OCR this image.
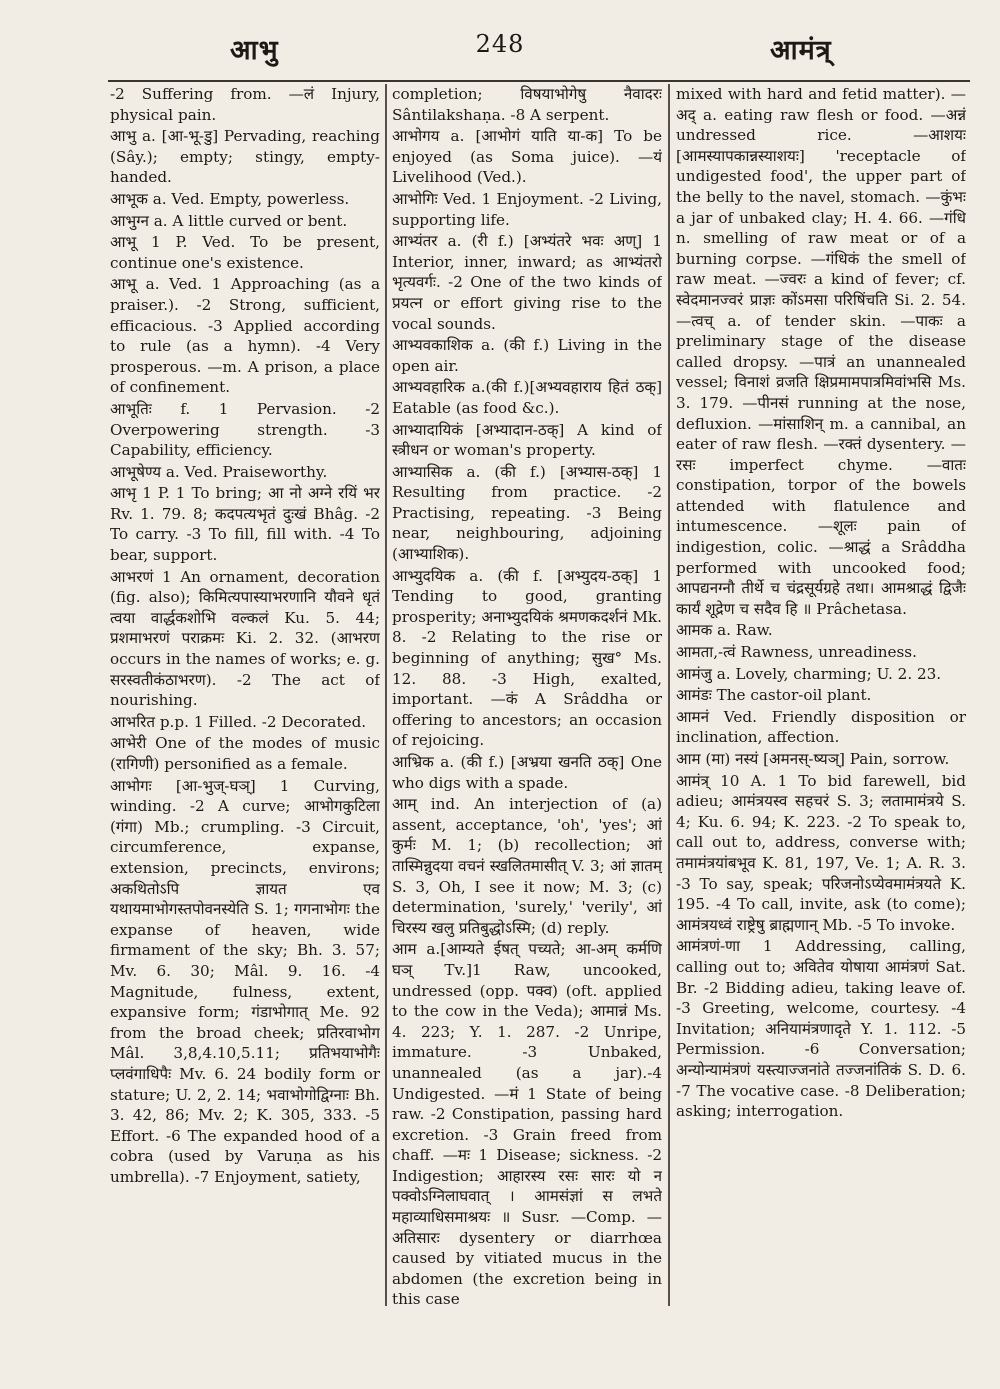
आभु	248	आमंत्र्

-2 Suffering from. —लं Injury, physical pain.

आभु a. [आ-भू-डु] Pervading, reaching (Sây.); empty; stingy, empty-handed.

आभूक a. Ved. Empty, powerless.

आभुग्न a. A little curved or bent.

आभू 1 P. Ved. To be present, continue one's existence.

आभू a. Ved. 1 Approaching (as a praiser.). -2 Strong, sufficient, efficacious. -3 Applied according to rule (as a hymn). -4 Very prosperous. —m. A prison, a place of confinement.

आभूतिः f. 1 Pervasion. -2 Overpowering strength. -3 Capability, efficiency.

आभूषेण्य a. Ved. Praiseworthy.

आभृ 1 P. 1 To bring; आ नो अग्ने रयिं भर Rv. 1. 79. 8; कदपत्यभृतं दुःखं Bhâg. -2 To carry. -3 To fill, fill with. -4 To bear, support.

आभरणं 1 An ornament, decoration (fig. also); किमित्यपास्याभरणानि यौवने धृतं त्वया वार्द्धकशोभि वल्कलं Ku. 5. 44; प्रशमाभरणं पराक्रमः Ki. 2. 32. (आभरण occurs in the names of works; e. g. सरस्वतीकंठाभरण). -2 The act of nourishing.

आभरित p.p. 1 Filled. -2 Decorated.

आभेरी One of the modes of music (रागिणी) personified as a female.

आभोगः [आ-भुज्-घञ्] 1 Curving, winding. -2 A curve; आभोगकुटिला (गंगा) Mb.; crumpling. -3 Circuit, circumference, expanse, extension, precincts, environs; अकथितोऽपि ज्ञायत एव यथायमाभोगस्तपोवनस्येति S. 1; गगनाभोगः the expanse of heaven, wide firmament of the sky; Bh. 3. 57; Mv. 6. 30; Mâl. 9. 16. -4 Magnitude, fulness, extent, expansive form; गंडाभोगात् Me. 92 from the broad cheek; प्रतिरवाभोग Mâl. 3,8,4.10,5.11; प्रतिभयाभोगैः प्लवंगाधिपैः Mv. 6. 24 bodily form or stature; U. 2, 2. 14; भवाभोगोद्विग्नाः Bh. 3. 42, 86; Mv. 2; K. 305, 333. -5 Effort. -6 The expanded hood of a cobra (used by Varuṇa as his umbrella). -7 Enjoyment, satiety,

completion; विषयाभोगेषु नैवादरः Sântilakshaṇa. -8 A serpent.

आभोगय a. [आभोगं याति या-क] To be enjoyed (as Soma juice). —यं Livelihood (Ved.).

आभोगिः Ved. 1 Enjoyment. -2 Living, supporting life.

आभ्यंतर a. (री f.) [अभ्यंतरे भवः अण्] 1 Interior, inner, inward; as आभ्यंतरो भृत्यवर्गः. -2 One of the two kinds of प्रयत्न or effort giving rise to the vocal sounds.

आभ्यवकाशिक a. (की f.) Living in the open air.

आभ्यवहारिक a.(की f.)[अभ्यवहाराय हितं ठक्] Eatable (as food &c.).

आभ्यादायिकं [अभ्यादान-ठक्] A kind of स्त्रीधन or woman's property.

आभ्यासिक a. (की f.) [अभ्यास-ठक्] 1 Resulting from practice. -2 Practising, repeating. -3 Being near, neighbouring, adjoining (आभ्याशिक).

आभ्युदयिक a. (की f. [अभ्युदय-ठक्] 1 Tending to good, granting prosperity; अनाभ्युदयिकं श्रमणकदर्शनं Mk. 8. -2 Relating to the rise or beginning of anything; सुख° Ms. 12. 88. -3 High, exalted, important. —कं A Srâddha or offering to ancestors; an occasion of rejoicing.

आभ्रिक a. (की f.) [अभ्रया खनति ठक्] One who digs with a spade.

आम् ind. An interjection of (a) assent, acceptance, 'oh', 'yes'; आं कुर्मः M. 1; (b) recollection; आं तास्मिन्नुदया वचनं स्खलितमासीत् V. 3; आं ज्ञातम् S. 3, Oh, I see it now; M. 3; (c) determination, 'surely,' 'verily', आं चिरस्य खलु प्रतिबुद्धोऽस्मि; (d) reply.

आम a.[आम्यते ईषत् पच्यते; आ-अम् कर्मणि घञ् Tv.]1 Raw, uncooked, undressed (opp. पक्व) (oft. applied to the cow in the Veda); आमान्नं Ms. 4. 223; Y. 1. 287. -2 Unripe, immature. -3 Unbaked, unannealed (as a jar).-4 Undigested. —मं 1 State of being raw. -2 Constipation, passing hard excretion. -3 Grain freed from chaff. —मः 1 Disease; sickness. -2 Indigestion; आहारस्य रसः सारः यो न पक्वोऽग्निलाघवात् । आमसंज्ञां स लभते महाव्याधिसमाश्रयः ॥ Susr. —Comp. —अतिसारः dysentery or diarrhœa caused by vitiated mucus in the abdomen (the excretion being in this case

mixed with hard and fetid matter). —अद् a. eating raw flesh or food. —अन्नं undressed rice. —आशयः [आमस्यापकान्नस्याशयः] 'receptacle of undigested food', the upper part of the belly to the navel, stomach. —कुंभः a jar of unbaked clay; H. 4. 66. —गंधि n. smelling of raw meat or of a burning corpse. —गंधिकं the smell of raw meat. —ज्वरः a kind of fever; cf. स्वेदमानज्वरं प्राज्ञः कोंऽमसा परिषिंचति Si. 2. 54. —त्वच् a. of tender skin. —पाकः a preliminary stage of the disease called dropsy. —पात्रं an unannealed vessel; विनाशं व्रजति क्षिप्रमामपात्रमिवांभसि Ms. 3. 179. —पीनसं running at the nose, defluxion. —मांसाशिन् m. a cannibal, an eater of raw flesh. —रक्तं dysentery. —रसः imperfect chyme. —वातः constipation, torpor of the bowels attended with flatulence and intumescence. —शूलः pain of indigestion, colic. —श्राद्धं a Srâddha performed with uncooked food; आपद्यनग्नौ तीर्थे च चंद्रसूर्यग्रहे तथा। आमश्राद्धं द्विजैः कार्यं शूद्रेण च सदैव हि ॥ Prâchetasa.

आमक a. Raw.

आमता,-त्वं Rawness, unreadiness.

आमंजु a. Lovely, charming; U. 2. 23.

आमंडः The castor-oil plant.

आमनं Ved. Friendly disposition or inclination, affection.

आम (मा) नस्यं [अमनस्-ष्यञ्] Pain, sorrow.

आमंत्र् 10 A. 1 To bid farewell, bid adieu; आमंत्रयस्व सहचरं S. 3; लतामामंत्रये S. 4; Ku. 6. 94; K. 223. -2 To speak to, call out to, address, converse with; तमामंत्रयांबभूव K. 81, 197, Ve. 1; A. R. 3. -3 To say, speak; परिजनोऽप्येवमामंत्रयते K. 195. -4 To call, invite, ask (to come); आमंत्रयध्वं राष्ट्रेषु ब्राह्मणान् Mb. -5 To invoke.

आमंत्रणं-णा 1 Addressing, calling, calling out to; अवितेव योषाया आमंत्रणं Sat. Br. -2 Bidding adieu, taking leave of. -3 Greeting, welcome, courtesy. -4 Invitation; अनियामंत्रणादृते Y. 1. 112. -5 Permission. -6 Conversation; अन्योन्यामंत्रणं यस्त्याज्जनांते तज्जनांतिकं S. D. 6. -7 The vocative case. -8 Deliberation; asking; interrogation.
